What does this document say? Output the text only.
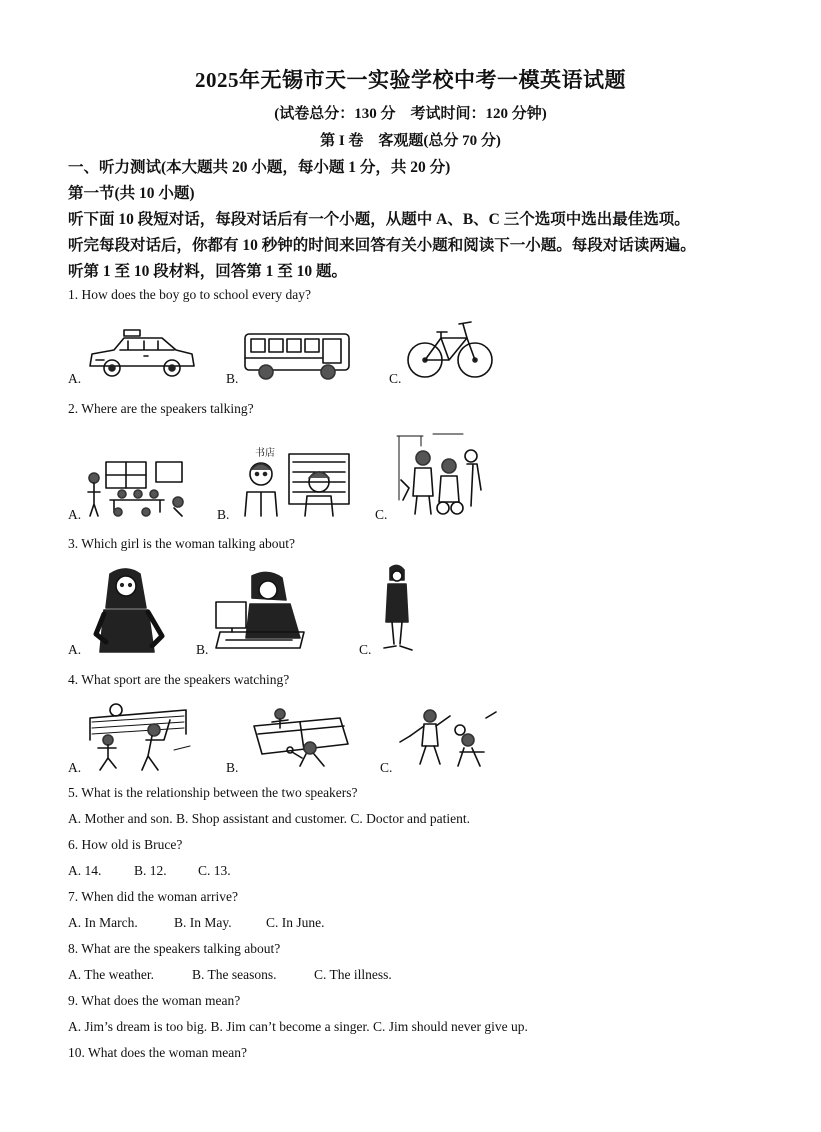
2025年无锡市天一实验学校中考一模英语试题
(试卷总分：130 分　考试时间：120 分钟)
第 I 卷　客观题(总分 70 分)
一、听力测试(本大题共 20 小题，每小题 1 分，共 20 分)
第一节(共 10 小题)
听下面 10 段短对话，每段对话后有一个小题，从题中 A、B、C 三个选项中选出最佳选项。
听完每段对话后，你都有 10 秒钟的时间来回答有关小题和阅读下一小题。每段对话读两遍。
听第 1 至 10 段材料，回答第 1 至 10 题。
1. How does the boy go to school every day?
A.	B.	C.
2. Where are the speakers talking?
A.	B.
书店
C.
3. Which girl is the woman talking about?
A.	B.	C.
4. What sport are the speakers watching?
A.	B.	C.
5. What is the relationship between the two speakers?
A. Mother and son. B. Shop assistant and customer. C. Doctor and patient.
6. How old is Bruce?
A. 14. B. 12. C. 13.
7. When did the woman arrive?
A. In March.	B. In May.	C. In June.
8. What are the speakers talking about?
A. The weather.	B. The seasons.	C. The illness.
9. What does the woman mean?
A. Jim’s dream is too big. B. Jim can’t become a singer. C. Jim should never give up.
10. What does the woman mean?
